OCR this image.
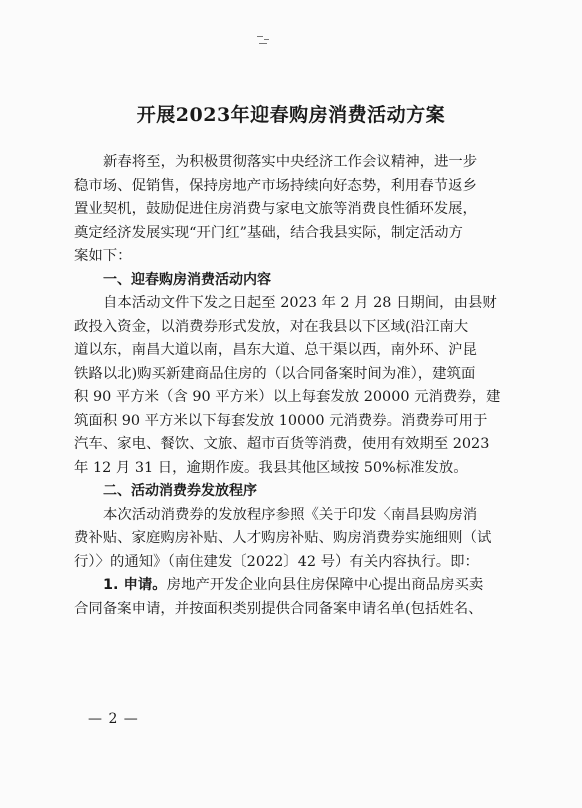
开展2023年迎春购房消费活动方案
新春将至，为积极贯彻落实中央经济工作会议精神，进一步
稳市场、促销售，保持房地产市场持续向好态势，利用春节返乡
置业契机，鼓励促进住房消费与家电文旅等消费良性循环发展，
奠定经济发展实现“开门红”基础，结合我县实际，制定活动方
案如下：
一、迎春购房消费活动内容
自本活动文件下发之日起至 2023 年 2 月 28 日期间，由县财
政投入资金，以消费券形式发放，对在我县以下区域(沿江南大
道以东，南昌大道以南，昌东大道、总干渠以西，南外环、沪昆
铁路以北)购买新建商品住房的（以合同备案时间为准），建筑面
积 90 平方米（含 90 平方米）以上每套发放 20000 元消费券，建
筑面积 90 平方米以下每套发放 10000 元消费券。消费券可用于
汽车、家电、餐饮、文旅、超市百货等消费，使用有效期至 2023
年 12 月 31 日，逾期作废。我县其他区域按 50%标准发放。
二、活动消费券发放程序
本次活动消费券的发放程序参照《关于印发〈南昌县购房消
费补贴、家庭购房补贴、人才购房补贴、购房消费券实施细则（试
行）〉的通知》（南住建发〔2022〕42 号）有关内容执行。即：
1. 申请。房地产开发企业向县住房保障中心提出商品房买卖
合同备案申请，并按面积类别提供合同备案申请名单(包括姓名、
— 2 —
